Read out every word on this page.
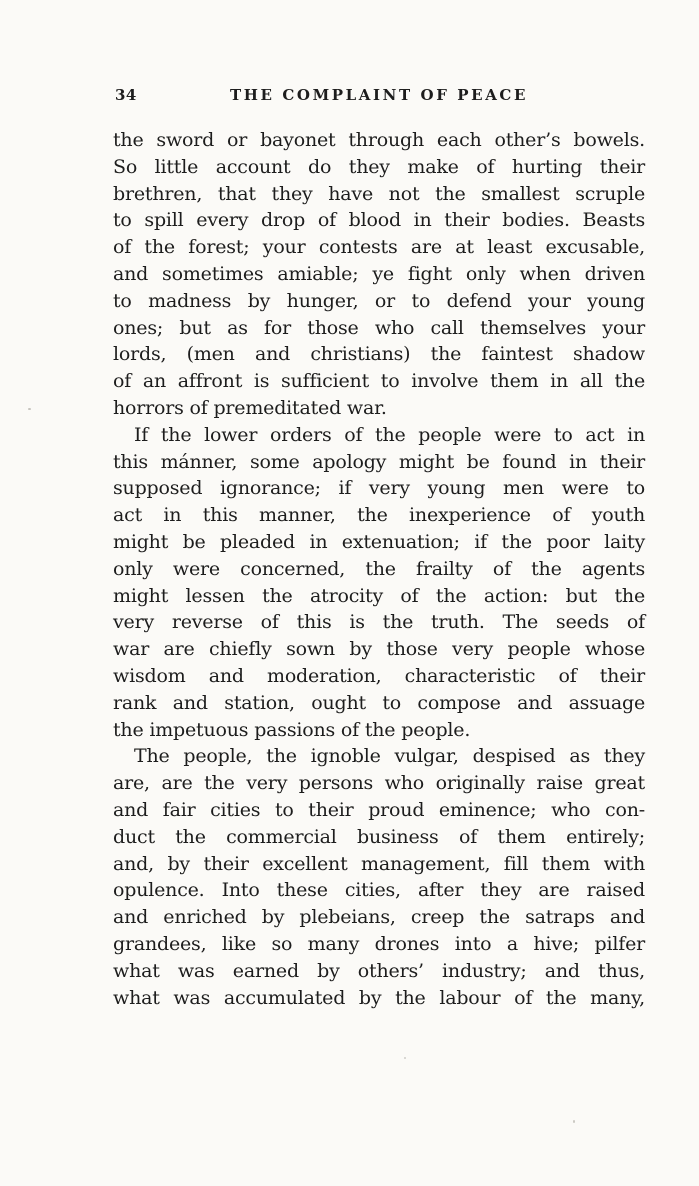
34	THE COMPLAINT OF PEACE
the sword or bayonet through each other’s bowels.
So little account do they make of hurting their
brethren, that they have not the smallest scruple
to spill every drop of blood in their bodies. Beasts
of the forest; your contests are at least excusable,
and sometimes amiable; ye fight only when driven
to madness by hunger, or to defend your young
ones; but as for those who call themselves your
lords, (men and christians) the faintest shadow
of an affront is sufficient to involve them in all the
horrors of premeditated war.
If the lower orders of the people were to act in
this mánner, some apology might be found in their
supposed ignorance; if very young men were to
act in this manner, the inexperience of youth
might be pleaded in extenuation; if the poor laity
only were concerned, the frailty of the agents
might lessen the atrocity of the action: but the
very reverse of this is the truth. The seeds of
war are chiefly sown by those very people whose
wisdom and moderation, characteristic of their
rank and station, ought to compose and assuage
the impetuous passions of the people.
The people, the ignoble vulgar, despised as they
are, are the very persons who originally raise great
and fair cities to their proud eminence; who con-
duct the commercial business of them entirely;
and, by their excellent management, fill them with
opulence. Into these cities, after they are raised
and enriched by plebeians, creep the satraps and
grandees, like so many drones into a hive; pilfer
what was earned by others’ industry; and thus,
what was accumulated by the labour of the many,
